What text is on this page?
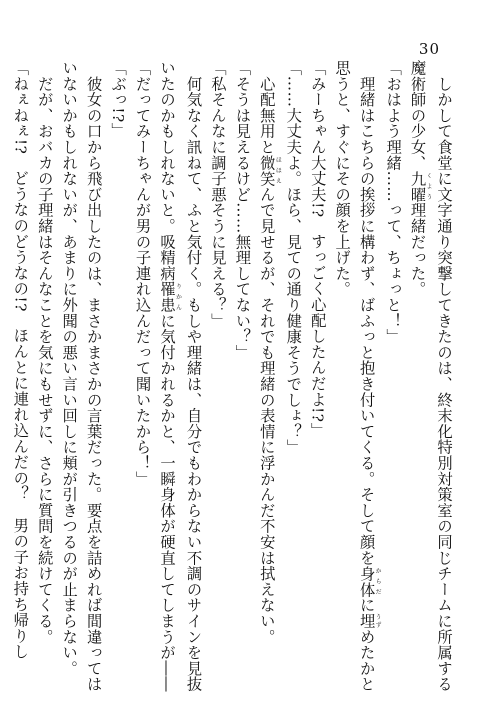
30
　しかして食堂に文字通り突撃してきたのは、終末化特別対策室の同じチームに所属する
魔術師の少女、九曜くよう理緒だった。
「おはよう理緒……って、ちょっと！」
　理緒はこちらの挨拶に構わず、ばふっと抱き付いてくる。そして顔を身体からだに埋うずめたかと
思うと、すぐにその顔を上げた。
「みーちゃん大丈夫!?　すっごく心配したんだよ!?」
「……大丈夫よ。ほら、見ての通り健康そうでしょ？」
　心配無用と微笑ほほえんで見せるが、それでも理緒の表情に浮かんだ不安は拭えない。
「そうは見えるけど……無理してない？」
「私そんなに調子悪そうに見える？」
　何気なく訊ねて、ふと気付く。もしや理緒は、自分でもわからない不調のサインを見抜
いたのかもしれないと。吸精病罹患りかんに気付かれるかと、一瞬身体が硬直してしまうが――
「だってみーちゃんが男の子連れ込んだって聞いたから！」
「ぶっ!?」
　彼女の口から飛び出したのは、まさかまさかの言葉だった。要点を詰めれば間違っては
いないかもしれないが、あまりに外聞の悪い言い回しに頬が引きつるのが止まらない。
　だが、おバカの子理緒はそんなことを気にもせずに、さらに質問を続けてくる。
「ねぇねぇ!?　どうなのどうなの!?　ほんとに連れ込んだの？　男の子お持ち帰りし
